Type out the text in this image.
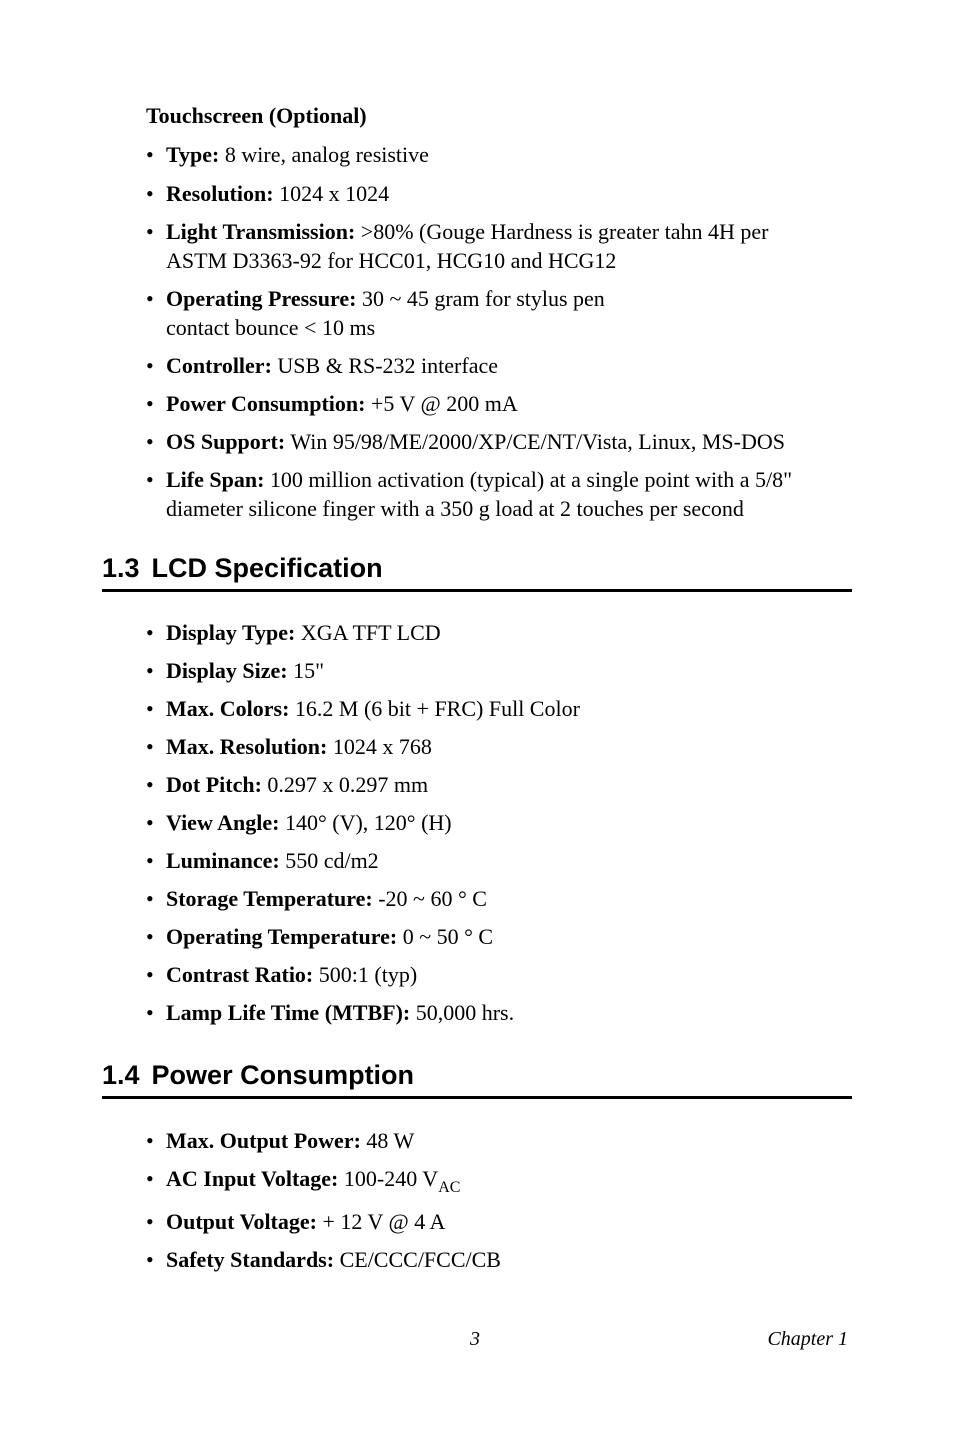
Touchscreen (Optional)
• Type: 8 wire, analog resistive
• Resolution: 1024 x 1024
• Light Transmission: >80% (Gouge Hardness is greater tahn 4H per
ASTM D3363-92 for HCC01, HCG10 and HCG12
• Operating Pressure: 30 ~ 45 gram for stylus pen
contact bounce < 10 ms
• Controller: USB & RS-232 interface
• Power Consumption: +5 V @ 200 mA
• OS Support: Win 95/98/ME/2000/XP/CE/NT/Vista, Linux, MS-DOS
• Life Span: 100 million activation (typical) at a single point with a 5/8"
diameter silicone finger with a 350 g load at 2 touches per second
1.3 LCD Specification
• Display Type: XGA TFT LCD
• Display Size: 15"
• Max. Colors: 16.2 M (6 bit + FRC) Full Color
• Max. Resolution: 1024 x 768
• Dot Pitch: 0.297 x 0.297 mm
• View Angle: 140° (V), 120° (H)
• Luminance: 550 cd/m2
• Storage Temperature: -20 ~ 60 ° C
• Operating Temperature: 0 ~ 50 ° C
• Contrast Ratio: 500:1 (typ)
• Lamp Life Time (MTBF): 50,000 hrs.
1.4 Power Consumption
• Max. Output Power: 48 W
• AC Input Voltage: 100-240 $V_{AC}$
• Output Voltage: + 12 V @ 4 A
• Safety Standards: CE/CCC/FCC/CB
3	Chapter 1
